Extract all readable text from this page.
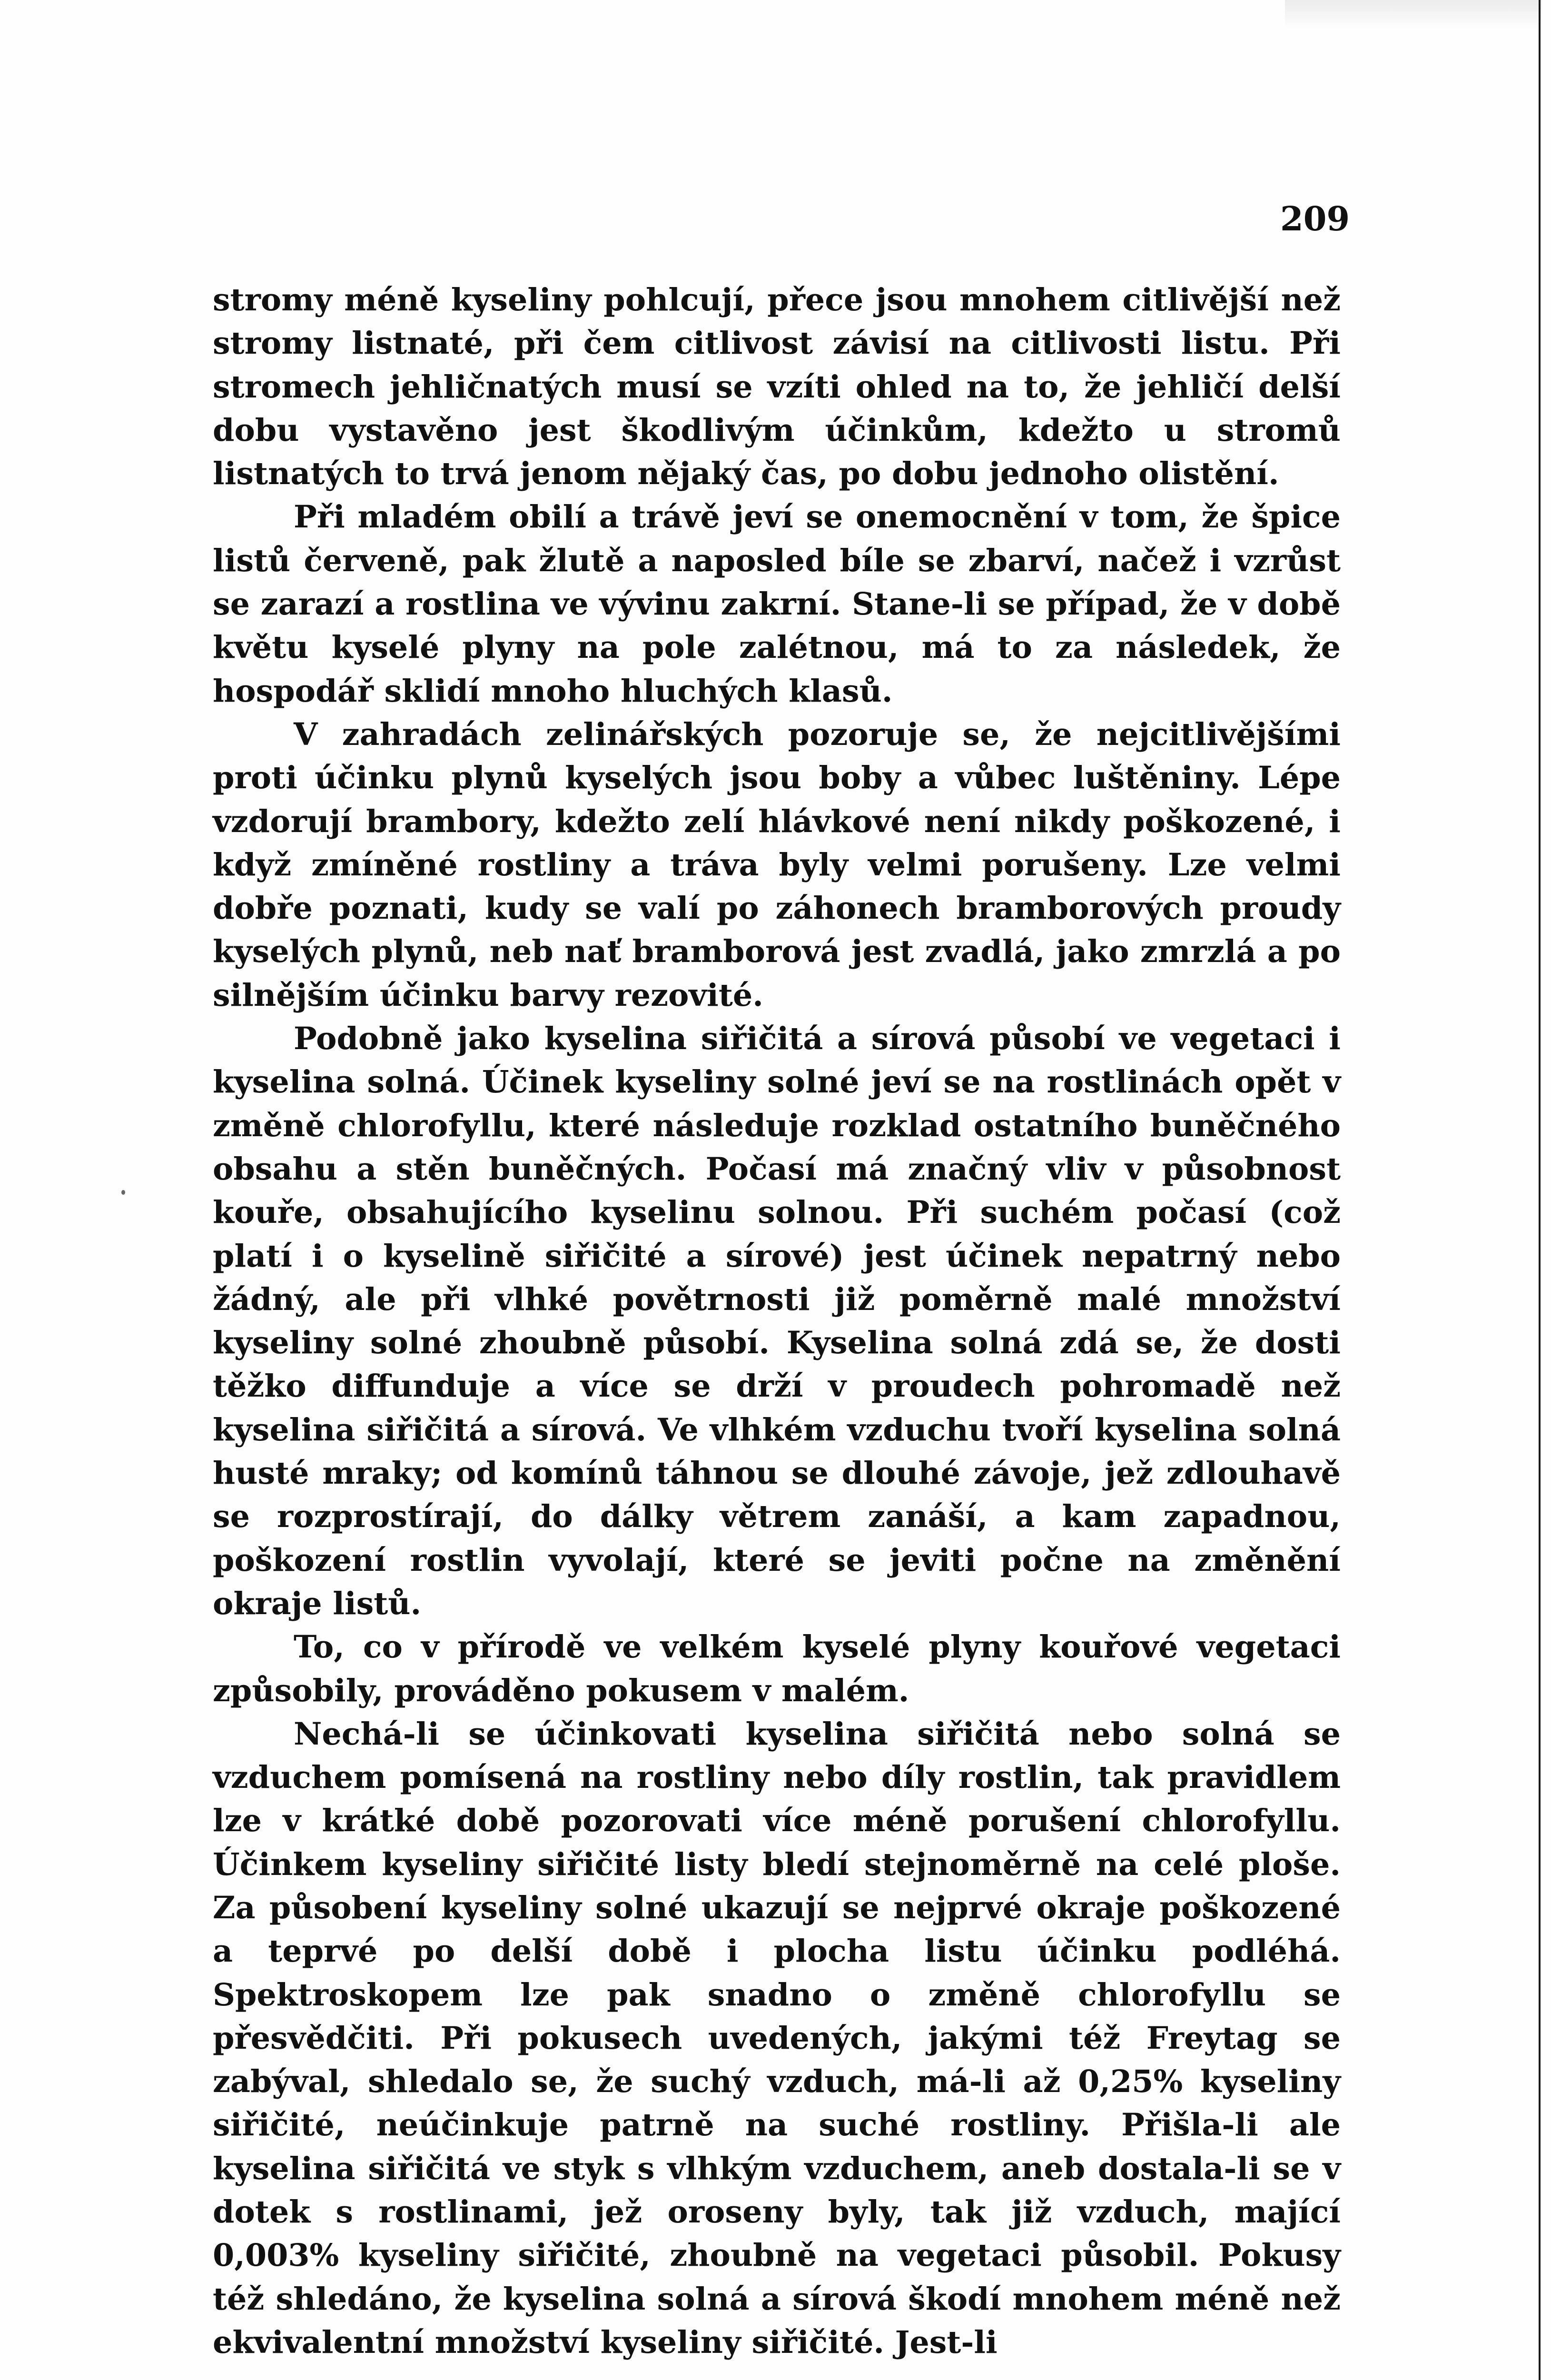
209

stromy méně kyseliny pohlcují, přece jsou mnohem citlivější než stromy listnaté, při čem citlivost závisí na citlivosti listu. Při stromech jehličnatých musí se vzíti ohled na to, že jehličí delší dobu vystavěno jest škodlivým účinkům, kdežto u stromů listnatých to trvá jenom nějaký čas, po dobu jednoho olistění.

Při mladém obilí a trávě jeví se onemocnění v tom, že špice listů červeně, pak žlutě a naposled bíle se zbarví, načež i vzrůst se zarazí a rostlina ve vývinu zakrní. Stane-li se případ, že v době květu kyselé plyny na pole zalétnou, má to za následek, že hospodář sklidí mnoho hluchých klasů.

V zahradách zelinářských pozoruje se, že nejcitlivějšími proti účinku plynů kyselých jsou boby a vůbec luštěniny. Lépe vzdorují brambory, kdežto zelí hlávkové není nikdy poškozené, i když zmíněné rostliny a tráva byly velmi porušeny. Lze velmi dobře poznati, kudy se valí po záhonech bramborových proudy kyselých plynů, neb nať bramborová jest zvadlá, jako zmrzlá a po silnějším účinku barvy rezovité.

Podobně jako kyselina siřičitá a sírová působí ve vegetaci i kyselina solná. Účinek kyseliny solné jeví se na rostlinách opět v změně chlorofyllu, které následuje rozklad ostatního buněčného obsahu a stěn buněčných. Počasí má značný vliv v působnost kouře, obsahujícího kyselinu solnou. Při suchém počasí (což platí i o kyselině siřičité a sírové) jest účinek nepatrný nebo žádný, ale při vlhké povětrnosti již poměrně malé množství kyseliny solné zhoubně působí. Kyselina solná zdá se, že dosti těžko diffunduje a více se drží v proudech pohromadě než kyselina siřičitá a sírová. Ve vlhkém vzduchu tvoří kyselina solná husté mraky; od komínů táhnou se dlouhé závoje, jež zdlouhavě se rozprostírají, do dálky větrem zanáší, a kam zapadnou, poškození rostlin vyvolají, které se jeviti počne na změnění okraje listů.

To, co v přírodě ve velkém kyselé plyny kouřové vegetaci způsobily, prováděno pokusem v malém.

Nechá-li se účinkovati kyselina siřičitá nebo solná se vzduchem pomísená na rostliny nebo díly rostlin, tak pravidlem lze v krátké době pozorovati více méně porušení chlorofyllu. Účinkem kyseliny siřičité listy bledí stejnoměrně na celé ploše. Za působení kyseliny solné ukazují se nejprvé okraje poškozené a teprvé po delší době i plocha listu účinku podléhá. Spektroskopem lze pak snadno o změně chlorofyllu se přesvědčiti. Při pokusech uvedených, jakými též Freytag se zabýval, shledalo se, že suchý vzduch, má-li až 0,25% kyseliny siřičité, neúčinkuje patrně na suché rostliny. Přišla-li ale kyselina siřičitá ve styk s vlhkým vzduchem, aneb dostala-li se v dotek s rostlinami, jež oroseny byly, tak již vzduch, mající 0,003% kyseliny siřičité, zhoubně na vegetaci působil. Pokusy též shledáno, že kyselina solná a sírová škodí mnohem méně než ekvivalentní množství kyseliny siřičité. Jest-li
